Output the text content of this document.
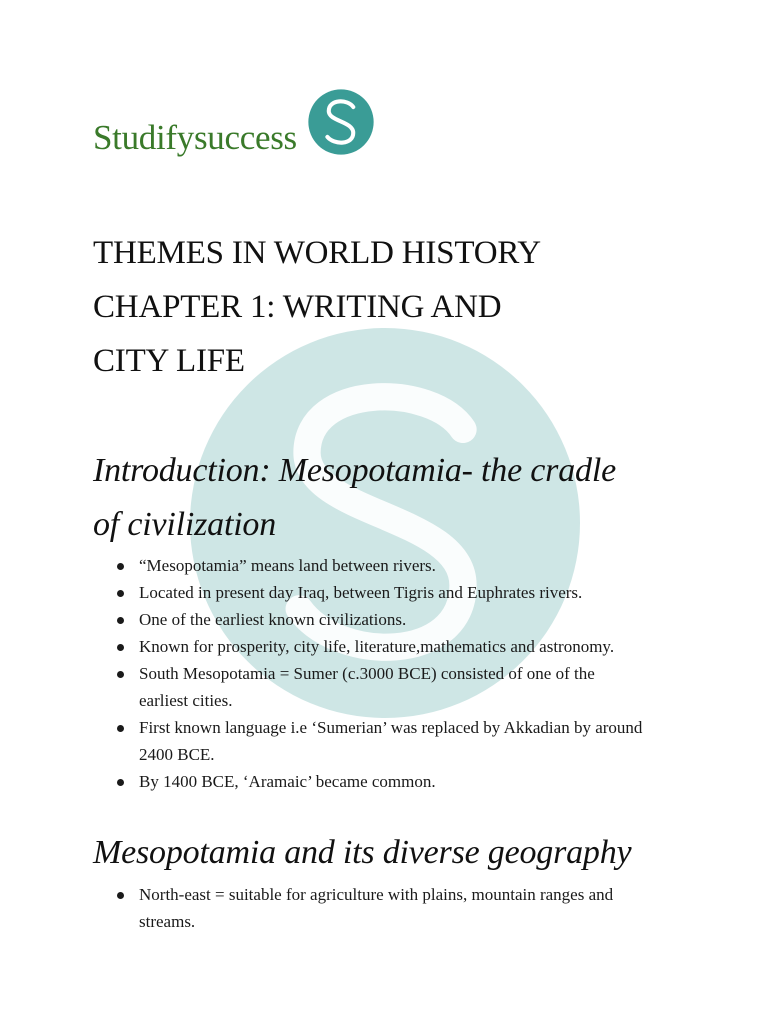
Studifysuccess
THEMES IN WORLD HISTORY
CHAPTER 1: WRITING AND
CITY LIFE
Introduction: Mesopotamia- the cradle
of civilization
“Mesopotamia” means land between rivers.
Located in present day Iraq, between Tigris and Euphrates rivers.
One of the earliest known civilizations.
Known for prosperity, city life, literature,mathematics and astronomy.
South Mesopotamia = Sumer (c.3000 BCE) consisted of one of the
earliest cities.
First known language i.e ‘Sumerian’ was replaced by Akkadian by around
2400 BCE.
By 1400 BCE, ‘Aramaic’ became common.
Mesopotamia and its diverse geography
North-east = suitable for agriculture with plains, mountain ranges and
streams.
